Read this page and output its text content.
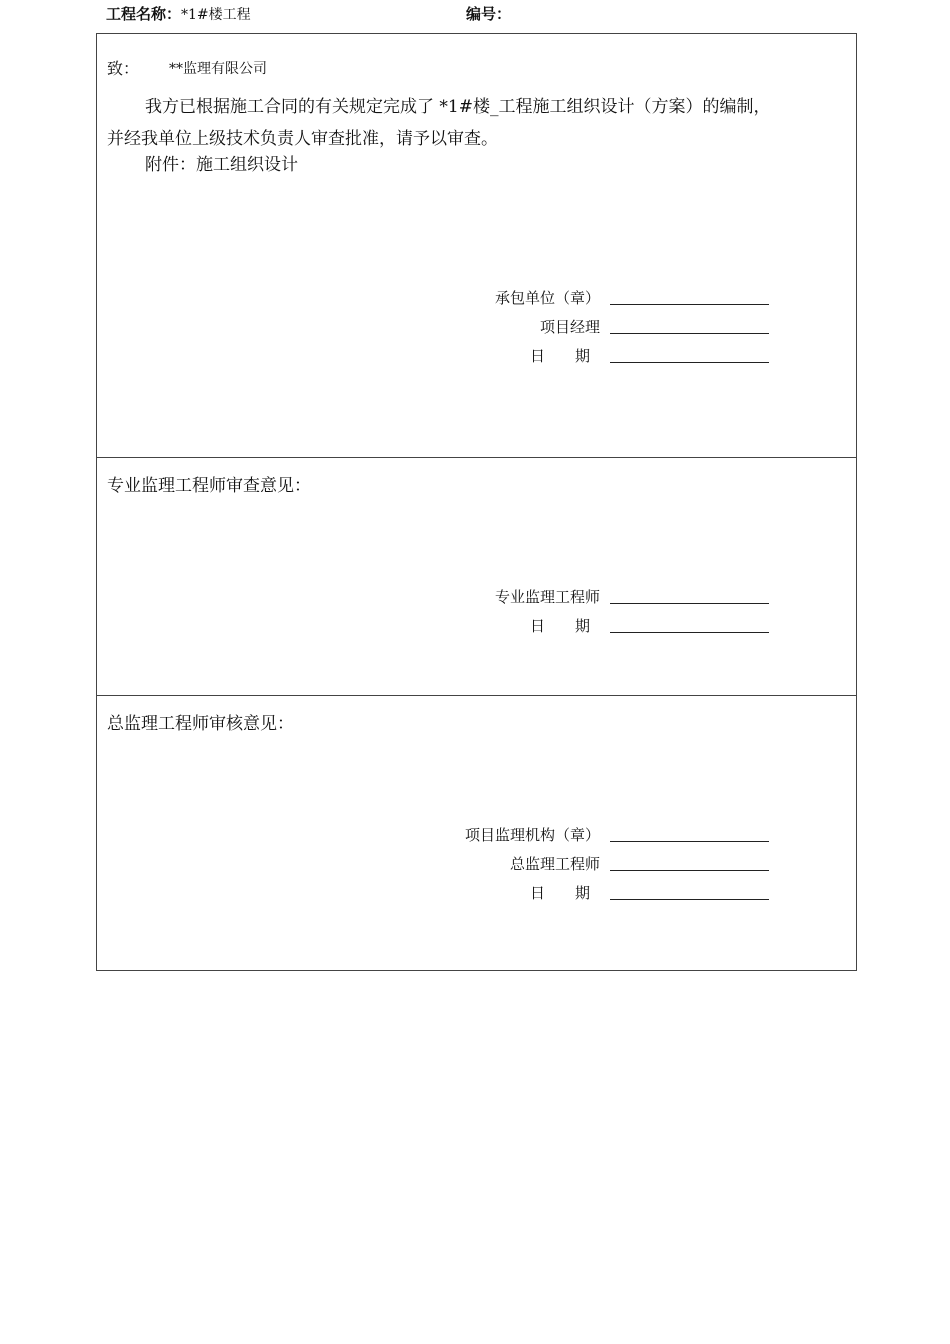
工程名称：*1#楼工程	编号：
致： **监理有限公司
我方已根据施工合同的有关规定完成了 *1#楼_工程施工组织设计（方案）的编制，
并经我单位上级技术负责人审查批准，请予以审查。
附件：施工组织设计
承包单位（章）
项目经理
日　　期
专业监理工程师审查意见：
专业监理工程师
日　　期
总监理工程师审核意见：
项目监理机构（章）
总监理工程师
日　　期
